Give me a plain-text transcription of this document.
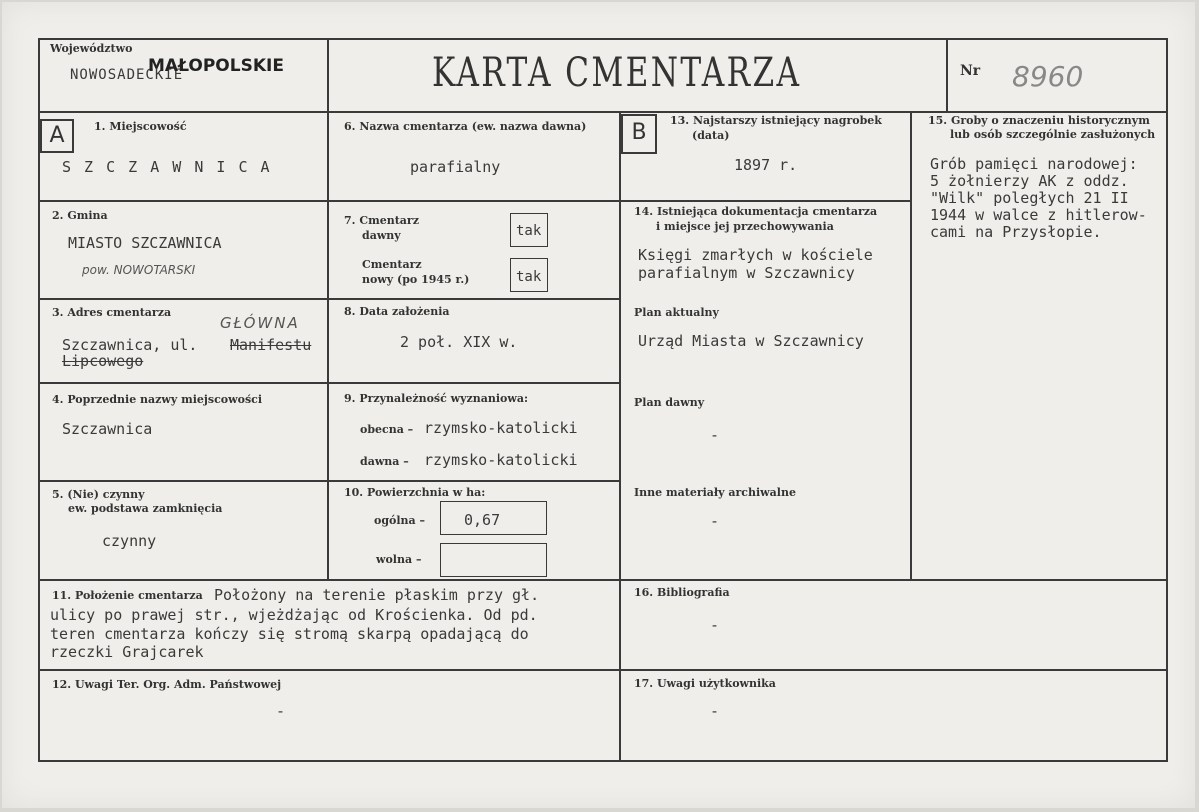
Województwo
NOWOSADECKIE
MAŁOPOLSKIE	KARTA CMENTARZA	Nr 8960
A	B
1. Miejscowość
S Z C Z A W N I C A
2. Gmina
MIASTO SZCZAWNICA
pow. NOWOTARSKI
3. Adres cmentarza
GŁÓWNA
Szczawnica, ul. Manifestu
Lipcowego
4. Poprzednie nazwy miejscowości
Szczawnica
5. (Nie) czynny
ew. podstawa zamknięcia
czynny
6. Nazwa cmentarza (ew. nazwa dawna)
parafialny
7. Cmentarz
dawny	tak
Cmentarz
nowy (po 1945 r.)	tak
8. Data założenia
2 poł. XIX w.
9. Przynależność wyznaniowa:
obecna – rzymsko-katolicki
dawna – rzymsko-katolicki
10. Powierzchnia w ha:
ogólna –	0,67
wolna –
11. Położenie cmentarza Położony na terenie płaskim przy gł.
ulicy po prawej str., wjeżdżając od Krościenka. Od pd.
teren cmentarza kończy się stromą skarpą opadającą do
rzeczki Grajcarek
12. Uwagi Ter. Org. Adm. Państwowej
-
13. Najstarszy istniejący nagrobek
(data)
1897 r.
14. Istniejąca dokumentacja cmentarza
i miejsce jej przechowywania
Księgi zmarłych w kościele
parafialnym w Szczawnicy
Plan aktualny
Urząd Miasta w Szczawnicy
Plan dawny
-
Inne materiały archiwalne
-
15. Groby o znaczeniu historycznym
lub osób szczególnie zasłużonych
Grób pamięci narodowej:
5 żołnierzy AK z oddz.
"Wilk" poległych 21 II
1944 w walce z hitlerow-
cami na Przysłopie.
16. Bibliografia
-
17. Uwagi użytkownika
-
